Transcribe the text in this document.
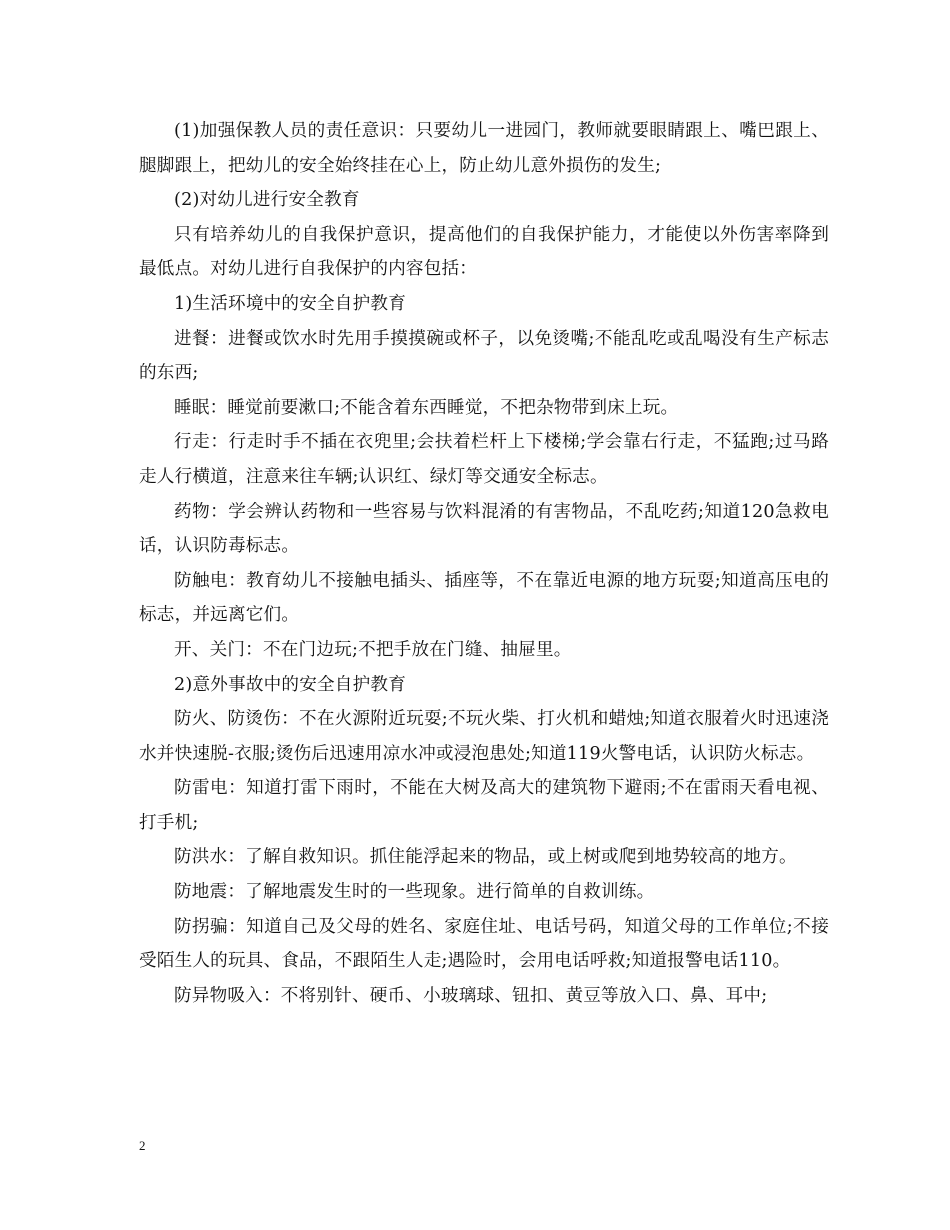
(1)加强保教人员的责任意识：只要幼儿一进园门，教师就要眼睛跟上、嘴巴跟上、腿脚跟上，把幼儿的安全始终挂在心上，防止幼儿意外损伤的发生;

(2)对幼儿进行安全教育

只有培养幼儿的自我保护意识，提高他们的自我保护能力，才能使以外伤害率降到最低点。对幼儿进行自我保护的内容包括：

1)生活环境中的安全自护教育

进餐：进餐或饮水时先用手摸摸碗或杯子，以免烫嘴;不能乱吃或乱喝没有生产标志的东西;

睡眠：睡觉前要漱口;不能含着东西睡觉，不把杂物带到床上玩。

行走：行走时手不插在衣兜里;会扶着栏杆上下楼梯;学会靠右行走，不猛跑;过马路走人行横道，注意来往车辆;认识红、绿灯等交通安全标志。

药物：学会辨认药物和一些容易与饮料混淆的有害物品，不乱吃药;知道120急救电话，认识防毒标志。

防触电：教育幼儿不接触电插头、插座等，不在靠近电源的地方玩耍;知道高压电的标志，并远离它们。

开、关门：不在门边玩;不把手放在门缝、抽屉里。

2)意外事故中的安全自护教育

防火、防烫伤：不在火源附近玩耍;不玩火柴、打火机和蜡烛;知道衣服着火时迅速浇水并快速脱-衣服;烫伤后迅速用凉水冲或浸泡患处;知道119火警电话，认识防火标志。

防雷电：知道打雷下雨时，不能在大树及高大的建筑物下避雨;不在雷雨天看电视、打手机;

防洪水：了解自救知识。抓住能浮起来的物品，或上树或爬到地势较高的地方。

防地震：了解地震发生时的一些现象。进行简单的自救训练。

防拐骗：知道自己及父母的姓名、家庭住址、电话号码，知道父母的工作单位;不接受陌生人的玩具、食品，不跟陌生人走;遇险时，会用电话呼救;知道报警电话110。

防异物吸入：不将别针、硬币、小玻璃球、钮扣、黄豆等放入口、鼻、耳中;

2
